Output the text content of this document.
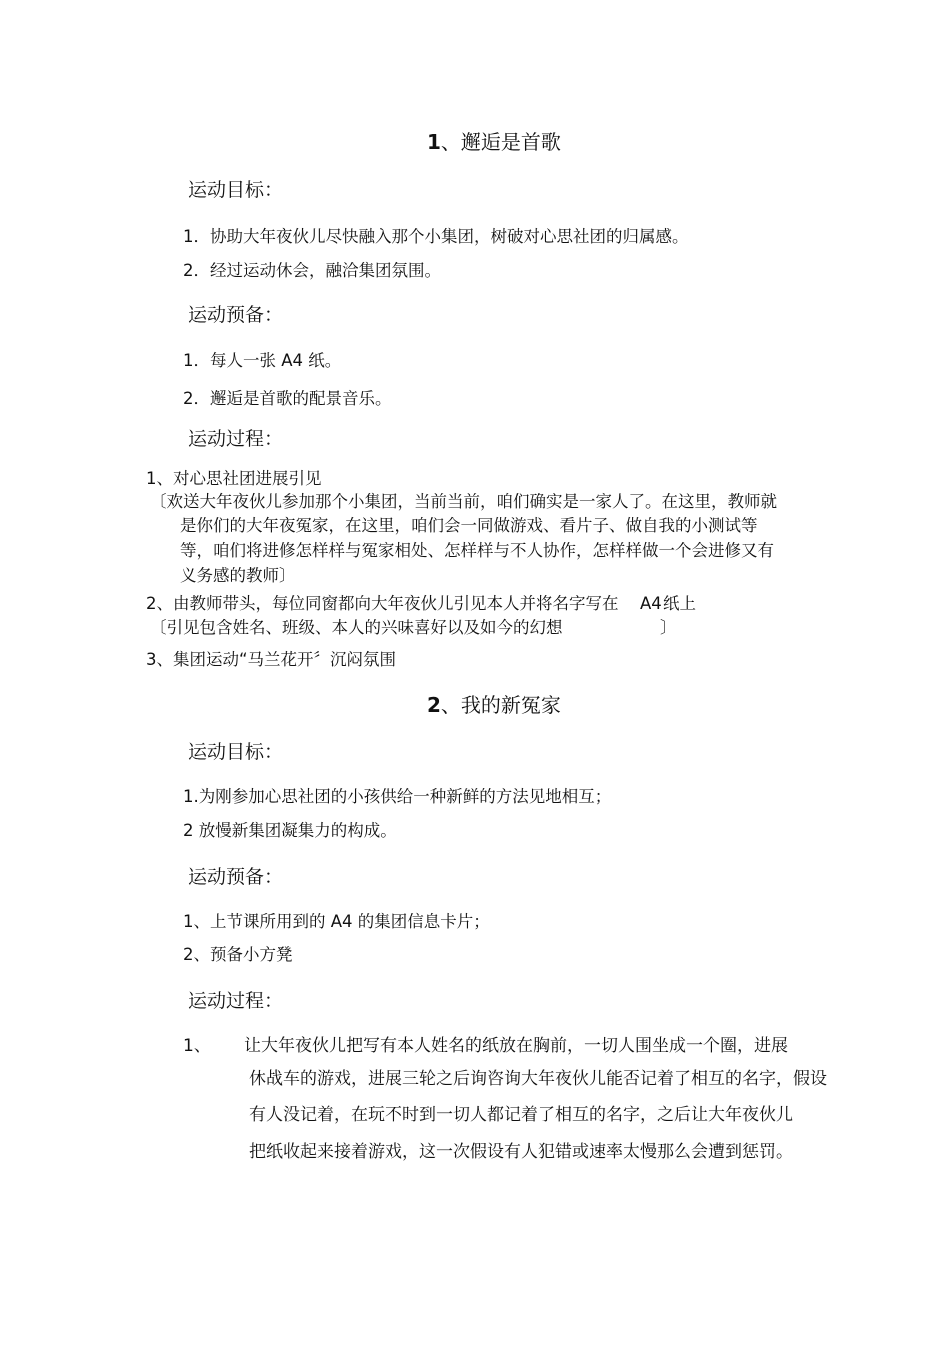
1、邂逅是首歌
运动目标：
1．协助大年夜伙儿尽快融入那个小集团，树破对心思社团的归属感。
2．经过运动休会，融洽集团氛围。
运动预备：
1．每人一张 A4 纸。
2．邂逅是首歌的配景音乐。
运动过程：
1、对心思社团进展引见
〔欢送大年夜伙儿参加那个小集团，当前当前，咱们确实是一家人了。在这里，教师就
是你们的大年夜冤家，在这里，咱们会一同做游戏、看片子、做自我的小测试等
等，咱们将进修怎样样与冤家相处、怎样样与不人协作，怎样样做一个会进修又有
义务感的教师〕
2、由教师带头，每位同窗都向大年夜伙儿引见本人并将名字写在 A4 纸上
〔引见包含姓名、班级、本人的兴味喜好以及如今的幻想	〕
3、集团运动“马兰花开〞沉闷氛围
2、我的新冤家
运动目标：
1.为刚参加心思社团的小孩供给一种新鲜的方法见地相互；
2 放慢新集团凝集力的构成。
运动预备：
1、上节课所用到的 A4 的集团信息卡片；
2、预备小方凳
运动过程：
1、 让大年夜伙儿把写有本人姓名的纸放在胸前，一切人围坐成一个圈，进展
休战车的游戏，进展三轮之后询咨询大年夜伙儿能否记着了相互的名字，假设
有人没记着，在玩不时到一切人都记着了相互的名字，之后让大年夜伙儿
把纸收起来接着游戏，这一次假设有人犯错或速率太慢那么会遭到惩罚。
